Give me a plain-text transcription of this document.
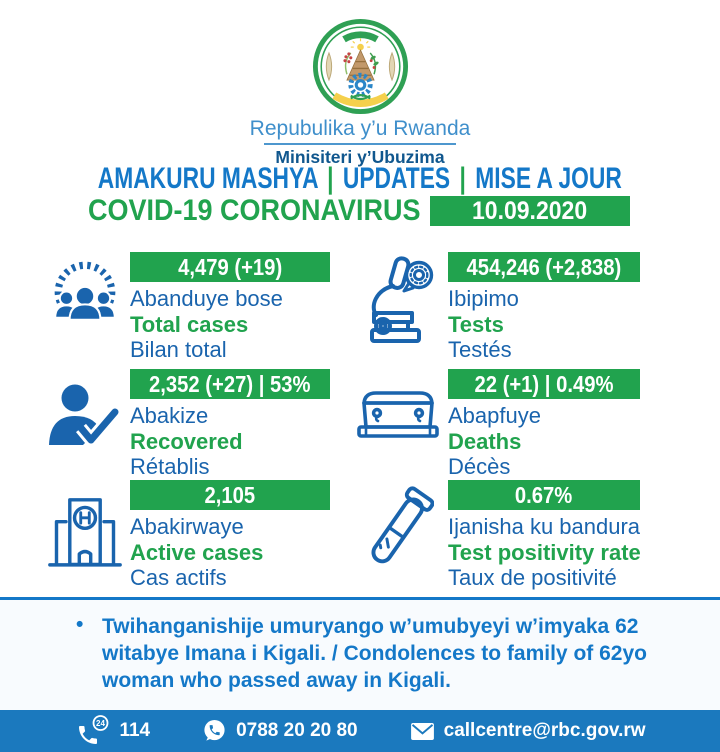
Repubulika y’u Rwanda
Minisiteri y’Ubuzima
AMAKURU MASHYA | UPDATES | MISE A JOUR
COVID-19 CORONAVIRUS 10.09.2020
4,479 (+19)
Abanduye bose
Total cases
Bilan total
454,246 (+2,838)
Ibipimo
Tests
Testés
2,352 (+27) | 53%
Abakize
Recovered
Rétablis
22 (+1) | 0.49%
Abapfuye
Deaths
Décès
2,105
Abakirwaye
Active cases
Cas actifs
0.67%
Ijanisha ku bandura
Test positivity rate
Taux de positivité
• Twihanganishije umuryango w’umubyeyi w’imyaka 62 witabye Imana i Kigali. / Condolences to family of 62yo woman who passed away in Kigali.

24 114	0788 20 20 80	callcentre@rbc.gov.rw
